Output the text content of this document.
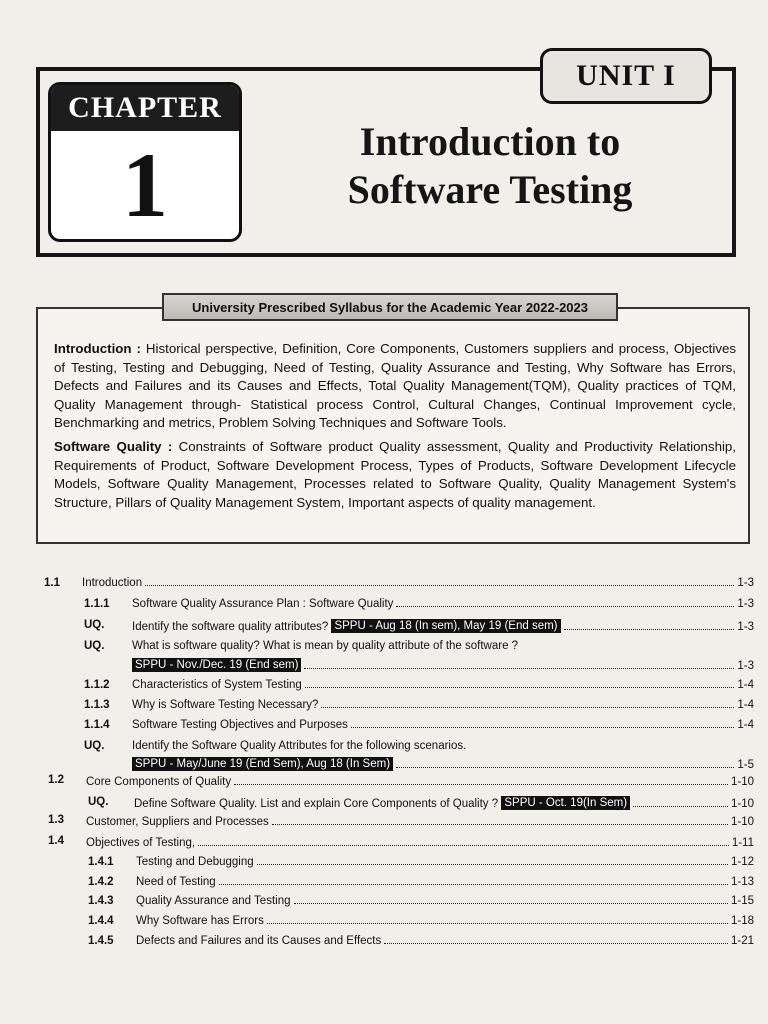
UNIT I
CHAPTER
1	Introduction to
Software Testing
University Prescribed Syllabus for the Academic Year 2022-2023

Introduction : Historical perspective, Definition, Core Components, Customers suppliers and process, Objectives of Testing, Testing and Debugging, Need of Testing, Quality Assurance and Testing, Why Software has Errors, Defects and Failures and its Causes and Effects, Total Quality Management(TQM), Quality practices of TQM, Quality Management through- Statistical process Control, Cultural Changes, Continual Improvement cycle, Benchmarking and metrics, Problem Solving Techniques and Software Tools.

Software Quality : Constraints of Software product Quality assessment, Quality and Productivity Relationship, Requirements of Product, Software Development Process, Types of Products, Software Development Lifecycle Models, Software Quality Management, Processes related to Software Quality, Quality Management System's Structure, Pillars of Quality Management System, Important aspects of quality management.

1.1 Introduction	1-3
1.1.1 Software Quality Assurance Plan : Software Quality	1-3
UQ. Identify the software quality attributes?
SPPU - Aug 18 (In sem), May 19 (End sem)	1-3
UQ. What is software quality? What is mean by quality attribute of the software ?
SPPU - Nov./Dec. 19 (End sem)	1-3
1.1.2 Characteristics of System Testing	1-4
1.1.3 Why is Software Testing Necessary?	1-4
1.1.4 Software Testing Objectives and Purposes	1-4
UQ. Identify the Software Quality Attributes for the following scenarios.
SPPU - May/June 19 (End Sem), Aug 18 (In Sem)	1-5
1.2 Core Components of Quality	1-10
UQ. Define Software Quality. List and explain Core Components of Quality ?
SPPU - Oct. 19(In Sem)	1-10
1.3 Customer, Suppliers and Processes	1-10
1.4 Objectives of Testing,	1-11
1.4.1 Testing and Debugging	1-12
1.4.2 Need of Testing	1-13
1.4.3 Quality Assurance and Testing	1-15
1.4.4 Why Software has Errors	1-18
1.4.5 Defects and Failures and its Causes and Effects	1-21
